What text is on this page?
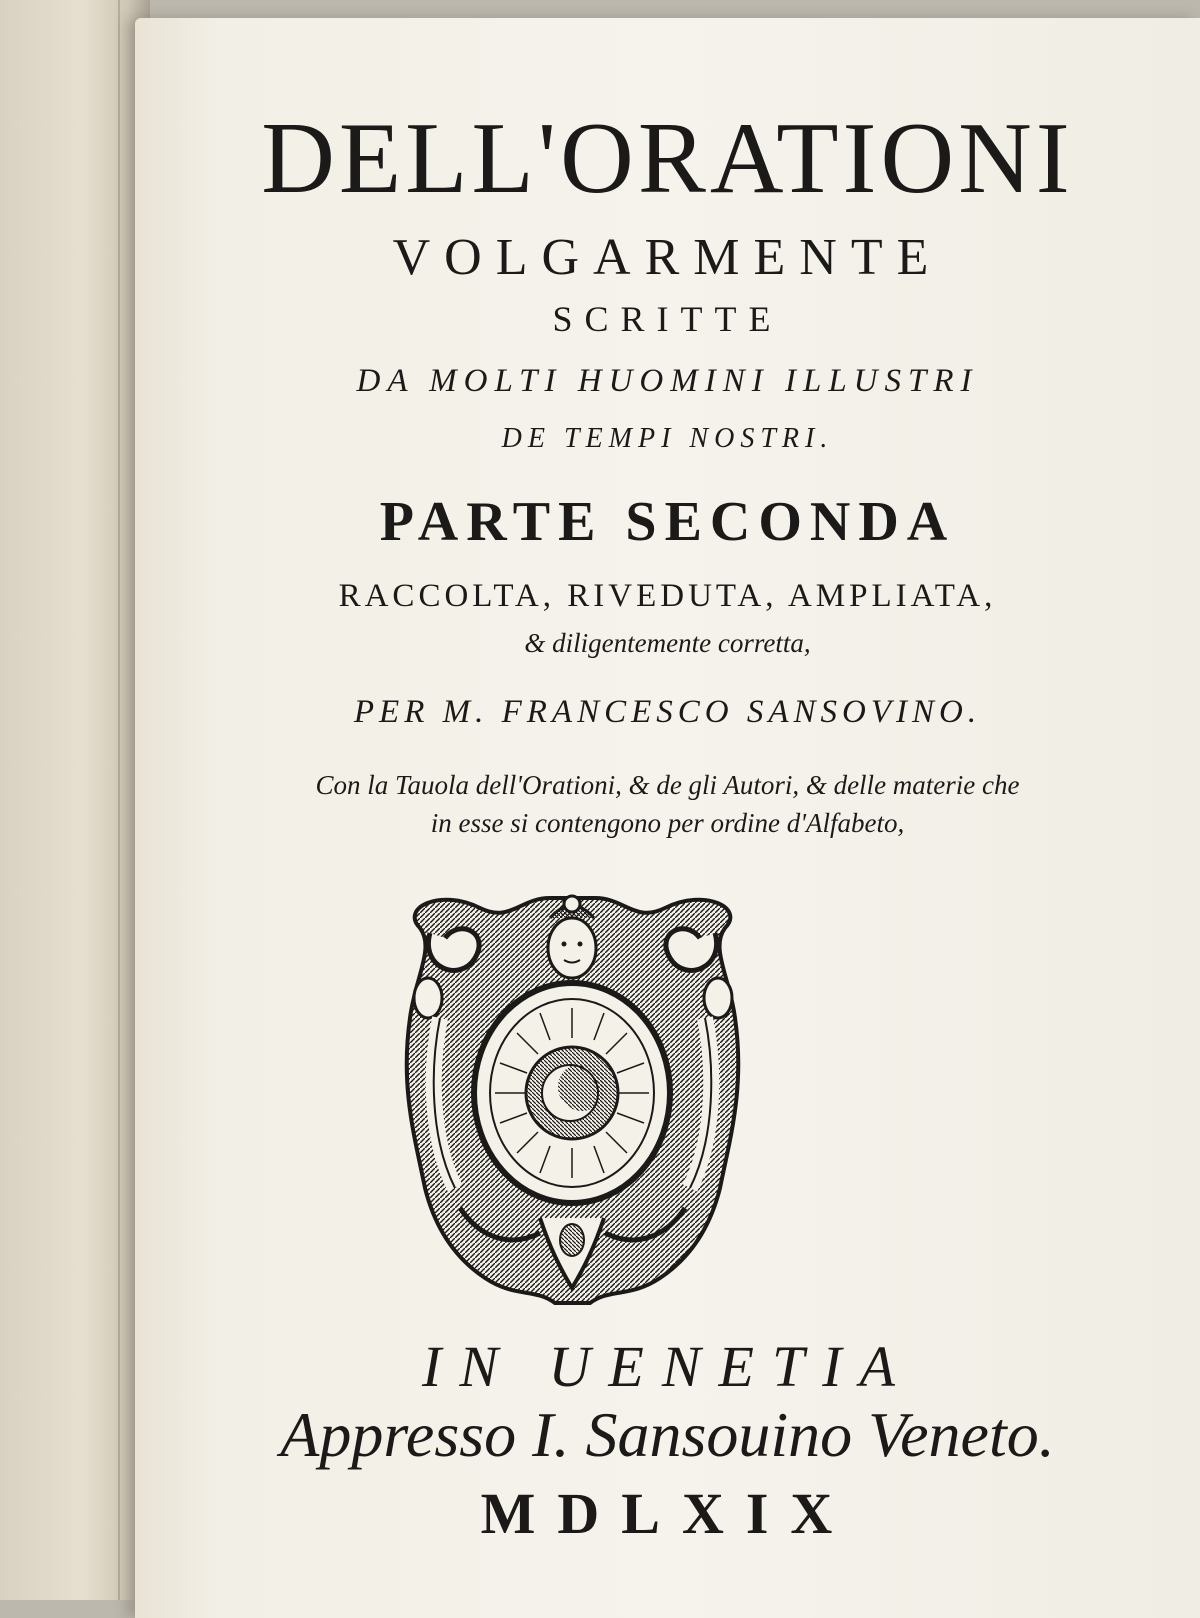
DELL'ORATIONI
VOLGARMENTE
SCRITTE
DA MOLTI HUOMINI ILLUSTRI
DE TEMPI NOSTRI.
PARTE SECONDA
RACCOLTA, RIVEDUTA, AMPLIATA,
& diligentemente corretta,
PER M. FRANCESCO SANSOVINO.
Con la Tauola dell'Orationi, & de gli Autori, & delle materie che
in esse si contengono per ordine d'Alfabeto,
IN UENETIA
Appresso I. Sansouino Veneto.
MDLXIX
